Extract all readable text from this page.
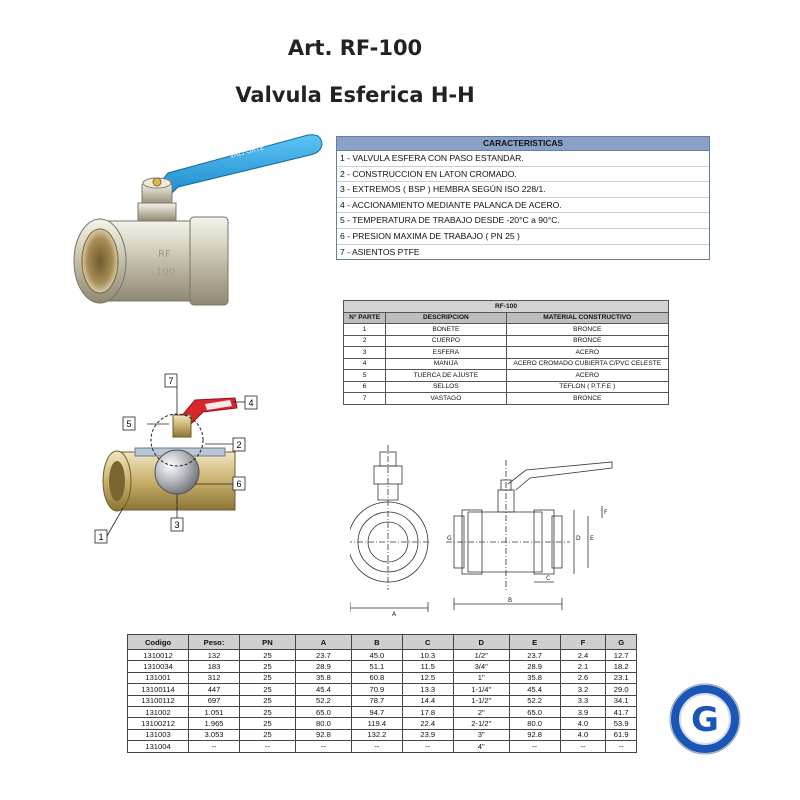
Art. RF-100
Valvula Esferica H-H
VALFORTE
RF
100
CARACTERISTICAS
1 - VALVULA ESFERA CON PASO ESTANDAR.
2 - CONSTRUCCION EN LATON CROMADO.
3 - EXTREMOS ( BSP ) HEMBRA SEGÚN ISO 228/1.
4 - ACCIONAMIENTO MEDIANTE PALANCA DE ACERO.
5 - TEMPERATURA DE TRABAJO DESDE -20°C a 90°C.
6 - PRESION MAXIMA DE TRABAJO ( PN 25 )
7 - ASIENTOS PTFE
RF-100		
N° PARTE	DESCRIPCION	MATERIAL CONSTRUCTIVO
1	BONETE	BRONCE
2	CUERPO	BRONCE
3	ESFERA	ACERO
4	MANIJA	ACERO CROMADO CUBIERTA C/PVC CELESTE
5	TUERCA DE AJUSTE	ACERO
6	SELLOS	TEFLON ( P.T.F.E )
7	VASTAGO	BRONCE
7
4
5
2
6
3
1
A
B
C
D E
F
G
Codigo	Peso:	PN	A	B	C	D	E	F	G
1310012	132	25	23.7	45.0	10.3	1/2"	23.7	2.4	12.7
1310034	183	25	28.9	51.1	11.5	3/4"	28.9	2.1	18.2
131001	312	25	35.8	60.8	12.5	1"	35.8	2.6	23.1
13100114	447	25	45.4	70.9	13.3	1-1/4"	45.4	3.2	29.0
13100112	697	25	52.2	78.7	14.4	1-1/2"	52.2	3.3	34.1
131002	1.051	25	65.0	94.7	17.8	2"	65.0	3.9	41.7
13100212	1.965	25	80.0	119.4	22.4	2-1/2"	80.0	4.0	53.9
131003	3.053	25	92.8	132.2	23.9	3"	92.8	4.0	61.9
131004	--	--	--	--	--	4"	--	--	--
G
